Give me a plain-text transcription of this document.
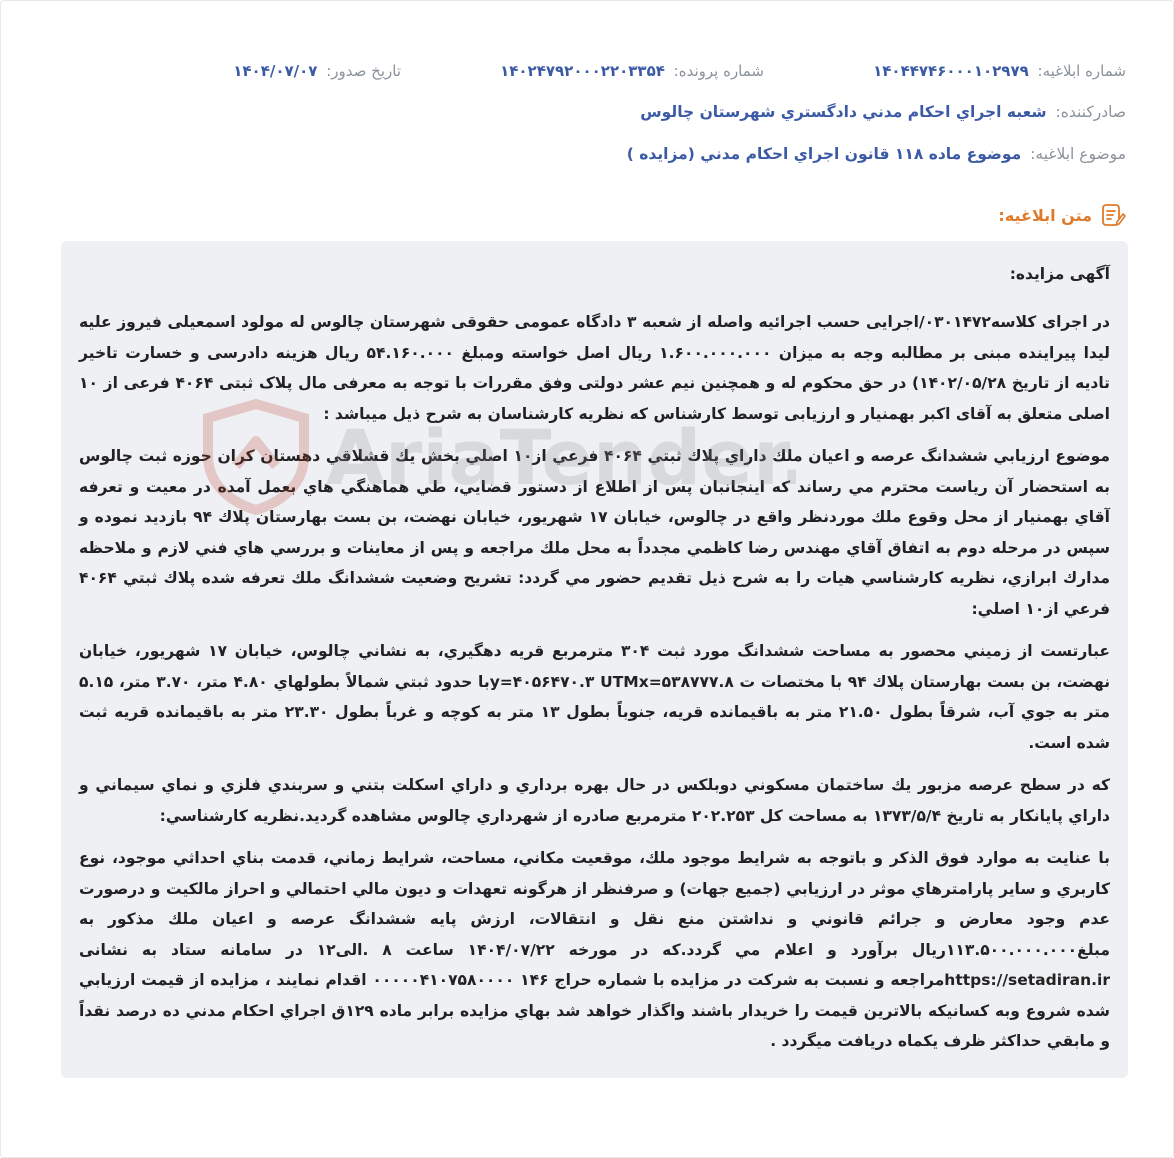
شماره ابلاغيه: ۱۴۰۴۴۷۴۶۰۰۰۱۰۲۹۷۹
شماره پرونده: ۱۴۰۲۴۷۹۲۰۰۰۲۲۰۳۳۵۴
تاريخ صدور: ۱۴۰۴/۰۷/۰۷
صادرکننده: شعبه اجراي احكام مدني دادگستري شهرستان چالوس
موضوع ابلاغيه: موضوع ماده ۱۱۸ قانون اجراي احکام مدني (مزايده )
متن ابلاغيه:
آگهی مزایده:

در اجرای کلاسه۰۳۰۱۴۷۲/اجرایی حسب اجرائیه واصله از شعبه ۳ دادگاه عمومی حقوقی شهرستان چالوس له مولود اسمعیلی فیروز علیه لیدا پیراینده مبنی بر مطالبه وجه به میزان ۱.۶۰۰.۰۰۰.۰۰۰ ریال اصل خواسته ومبلغ ۵۴.۱۶۰.۰۰۰ ریال هزینه دادرسی و خسارت تاخیر تادیه از تاریخ ۱۴۰۲/۰۵/۲۸) در حق محکوم له و همچنین نیم عشر دولتی وفق مقررات با توجه به معرفی مال پلاک ثبتی ۴۰۶۴ فرعی از ۱۰ اصلی متعلق به آقای اکبر بهمنیار و ارزیابی توسط کارشناس که نظریه کارشناسان به شرح ذیل میباشد :

موضوع ارزيابي ششدانگ عرصه و اعيان ملك داراي پلاك ثبتي ۴۰۶۴ فرعي از۱۰ اصلي بخش يك قشلاقي دهستان كران حوزه ثبت چالوس به استحضار آن رياست محترم مي رساند كه اينجانبان پس از اطلاع از دستور قضايي، طي هماهنگي هاي بعمل آمده در معيت و تعرفه آقاي بهمنيار از محل وقوع ملك موردنظر واقع در چالوس، خيابان ۱۷ شهريور، خيابان نهضت، بن بست بهارستان پلاك ۹۴ بازديد نموده و سپس در مرحله دوم به اتفاق آقاي مهندس رضا كاظمي مجدداً به محل ملك مراجعه و پس از معاينات و بررسي هاي فني لازم و ملاحظه مدارك ابرازي، نظريه كارشناسي هيات را به شرح ذيل تقديم حضور مي گردد: تشريح وضعيت ششدانگ ملك تعرفه شده پلاك ثبتي ۴۰۶۴ فرعي از۱۰ اصلي:

عبارتست از زميني محصور به مساحت ششدانگ مورد ثبت ۳۰۴ مترمربع قريه دهگيري، به نشاني چالوس، خيابان ۱۷ شهريور، خيابان نهضت، بن بست بهارستان پلاك ۹۴ با مختصات ت y=۴۰۵۶۴۷۰.۳ UTMx=۵۳۸۷۷۷.۸با حدود ثبتي شمالاً بطولهاي ۴.۸۰ متر، ۳.۷۰ متر، ۵.۱۵ متر به جوي آب، شرقاً بطول ۲۱.۵۰ متر به باقيمانده قريه، جنوباً بطول ۱۳ متر به كوچه و غرباً بطول ۲۳.۳۰ متر به باقيمانده قريه ثبت شده است.

كه در سطح عرصه مزبور يك ساختمان مسكوني دوبلكس در حال بهره برداري و داراي اسكلت بتني و سربندي فلزي و نماي سيماني و داراي پايانكار به تاريخ ۱۳۷۳/۵/۴ به مساحت كل ۲۰۲.۲۵۳ مترمربع صادره از شهرداري چالوس مشاهده گرديد.نظريه كارشناسي:

با عنايت به موارد فوق الذكر و باتوجه به شرايط موجود ملك، موقعيت مكاني، مساحت، شرايط زماني، قدمت بناي احداثي موجود، نوع كاربري و ساير پارامترهاي موثر در ارزيابي (جميع جهات) و صرفنظر از هرگونه تعهدات و ديون مالي احتمالي و احراز مالكيت و درصورت عدم وجود معارض و جرائم قانوني و نداشتن منع نقل و انتقالات، ارزش پايه ششدانگ عرصه و اعيان ملك مذكور به مبلغ۱۱۳.۵۰۰.۰۰۰.۰۰۰ريال برآورد و اعلام مي گردد.كه در مورخه ۱۴۰۴/۰۷/۲۲ ساعت ۸ .الی۱۲ در سامانه ستاد به نشانی https://setadiran.irمراجعه و نسبت به شرکت در مزایده با شماره حراج ۱۴۶ ۰۰۰۰۰۴۱۰۷۵۸۰۰۰۰ اقدام نمایند ، مزایده از قیمت ارزیابي شده شروع وبه کسانیکه بالاترین قیمت را خریدار باشند واگذار خواهد شد بهاي مزايده برابر ماده ۱۲۹ق اجراي احكام مدني ده درصد نقداً و مابقي حداكثر ظرف يكماه دريافت ميگردد .

AriaTender
